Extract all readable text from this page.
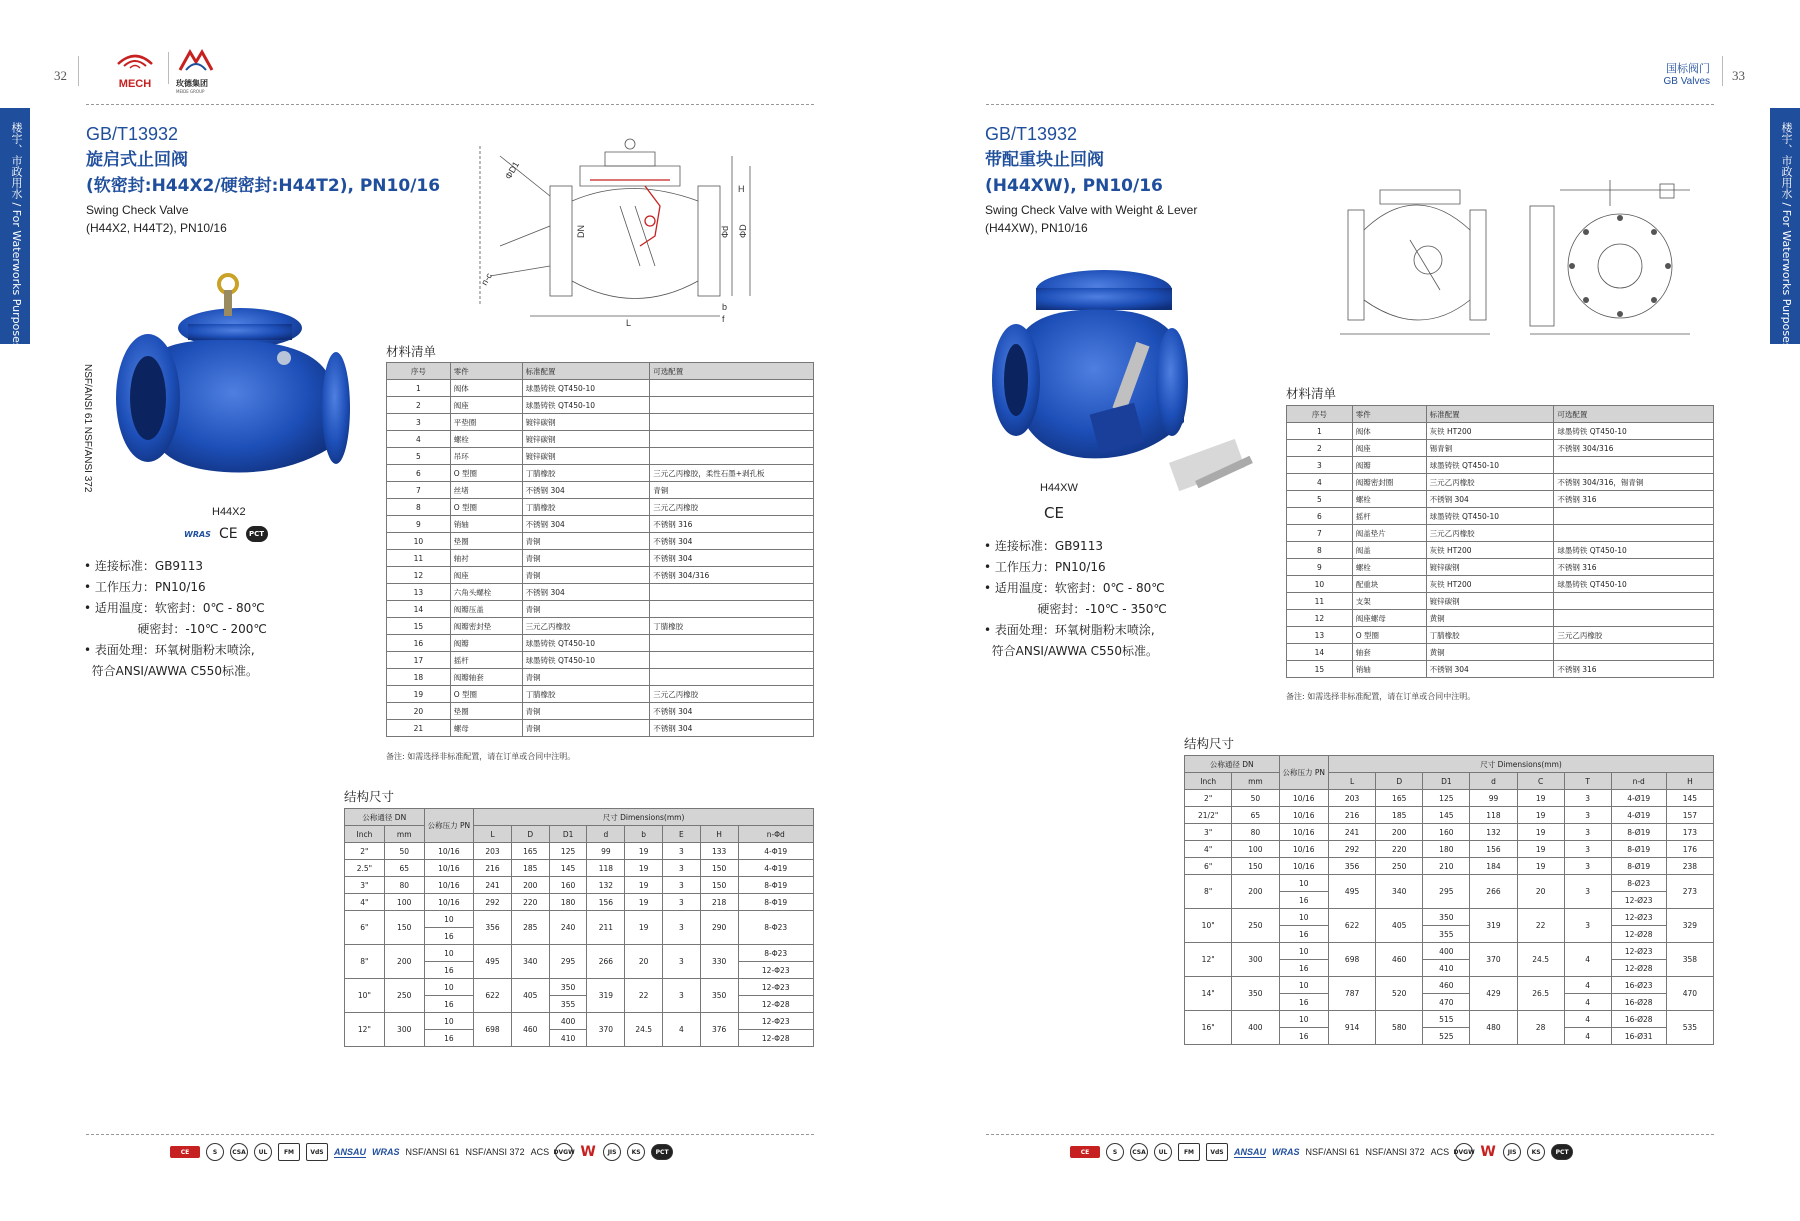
32
MECH	玫德集团
MEIDE GROUP
楼宇、市政用水 / For Waterworks Purposes	GB/T13932
旋启式止回阀
(软密封:H44X2/硬密封:H44T2), PN10/16
Swing Check Valve
(H44X2, H44T2), PN10/16
NSF/ANSI 61 NSF/ANSI 372
H44X2
WRAS CE	PCT
• 连接标准：GB9113
• 工作压力：PN10/16
• 适用温度：软密封：0℃ - 80℃
硬密封：-10℃ - 200℃
• 表面处理：环氧树脂粉末喷涂,
符合ANSI/AWWA C550标准。
H
ΦD1
DN	Φd ΦD
n-c
L
b
f
材料清单
序号	零件	标准配置	可选配置
1	阀体	球墨铸铁 QT450-10	
2	阀座	球墨铸铁 QT450-10	
3	平垫圈	镀锌碳钢	
4	螺栓	镀锌碳钢	
5	吊环	镀锌碳钢	
6	O 型圈	丁腈橡胶	三元乙丙橡胶，柔性石墨+剥孔板
7	丝堵	不锈钢 304	青铜
8	O 型圈	丁腈橡胶	三元乙丙橡胶
9	销轴	不锈钢 304	不锈钢 316
10	垫圈	青铜	不锈钢 304
11	轴衬	青铜	不锈钢 304
12	阀座	青铜	不锈钢 304/316
13	六角头螺栓	不锈钢 304	
14	阀瓣压盖	青铜	
15	阀瓣密封垫	三元乙丙橡胶	丁腈橡胶
16	阀瓣	球墨铸铁 QT450-10	
17	摇杆	球墨铸铁 QT450-10	
18	阀瓣轴套	青铜	
19	O 型圈	丁腈橡胶	三元乙丙橡胶
20	垫圈	青铜	不锈钢 304
21	螺母	青铜	不锈钢 304
备注: 如需选择非标准配置，请在订单或合同中注明。
结构尺寸
公称通径 DN		公称压力 PN	尺寸 Dimensions(mm)							
Inch	mm		L	D	D1	d	b	E	H	n-Φd
2"	50	10/16	203	165	125	99	19	3	133	4-Φ19
2.5"	65	10/16	216	185	145	118	19	3	150	4-Φ19
3"	80	10/16	241	200	160	132	19	3	150	8-Φ19
4"	100	10/16	292	220	180	156	19	3	218	8-Φ19
6"	150	10	356	285	240	211	19	3	290	8-Φ23
		16								
8"	200	10	495	340	295	266	20	3	330	8-Φ23
		16								12-Φ23
10"	250	10	622	405	350	319	22	3	350	12-Φ23
		16			355					12-Φ28
12"	300	10	698	460	400	370	24.5	4	376	12-Φ23
		16			410					12-Φ28
CE	S	CSA	UL	FM	VdS	ANSAU WRAS NSF/ANSI 61 NSF/ANSI 372 ACS DVGW W	JIS	KS	PCT
国标阀门
GB Valves 33
楼宇、市政用水 / For Waterworks Purposes
GB/T13932
带配重块止回阀
(H44XW), PN10/16
Swing Check Valve with Weight & Lever
(H44XW), PN10/16
H44XW
CE
• 连接标准：GB9113
• 工作压力：PN10/16
• 适用温度：软密封：0℃ - 80℃
硬密封：-10℃ - 350℃
• 表面处理：环氧树脂粉末喷涂,
符合ANSI/AWWA C550标准。
材料清单
序号	零件	标准配置	可选配置
1	阀体	灰铁 HT200	球墨铸铁 QT450-10
2	阀座	锡青铜	不锈钢 304/316
3	阀瓣	球墨铸铁 QT450-10	
4	阀瓣密封圈	三元乙丙橡胶	不锈钢 304/316，锡青铜
5	螺栓	不锈钢 304	不锈钢 316
6	摇杆	球墨铸铁 QT450-10	
7	阀盖垫片	三元乙丙橡胶	
8	阀盖	灰铁 HT200	球墨铸铁 QT450-10
9	螺栓	镀锌碳钢	不锈钢 316
10	配重块	灰铁 HT200	球墨铸铁 QT450-10
11	支架	镀锌碳钢	
12	阀座螺母	黄铜	
13	O 型圈	丁腈橡胶	三元乙丙橡胶
14	轴套	黄铜	
15	销轴	不锈钢 304	不锈钢 316
备注: 如需选择非标准配置，请在订单或合同中注明。
结构尺寸
公称通径 DN		公称压力 PN	尺寸 Dimensions(mm)							
Inch	mm		L	D	D1	d	C	T	n-d	H
2"	50	10/16	203	165	125	99	19	3	4-Ø19	145
21/2"	65	10/16	216	185	145	118	19	3	4-Ø19	157
3"	80	10/16	241	200	160	132	19	3	8-Ø19	173
4"	100	10/16	292	220	180	156	19	3	8-Ø19	176
6"	150	10/16	356	250	210	184	19	3	8-Ø19	238
8"	200	10	495	340	295	266	20	3	8-Ø23	273
		16							12-Ø23	
10"	250	10	622	405	350	319	22	3	12-Ø23	329
		16			355				12-Ø28	
12"	300	10	698	460	400	370	24.5	4	12-Ø23	358
		16			410				12-Ø28	
14"	350	10	787	520	460	429	26.5	4	16-Ø23	470
		16			470			4	16-Ø28	
16"	400	10	914	580	515	480	28	4	16-Ø28	535
		16			525			4	16-Ø31	
CE	S	CSA	UL	FM	VdS	ANSAU WRAS NSF/ANSI 61 NSF/ANSI 372 ACS DVGW W	JIS	KS	PCT
